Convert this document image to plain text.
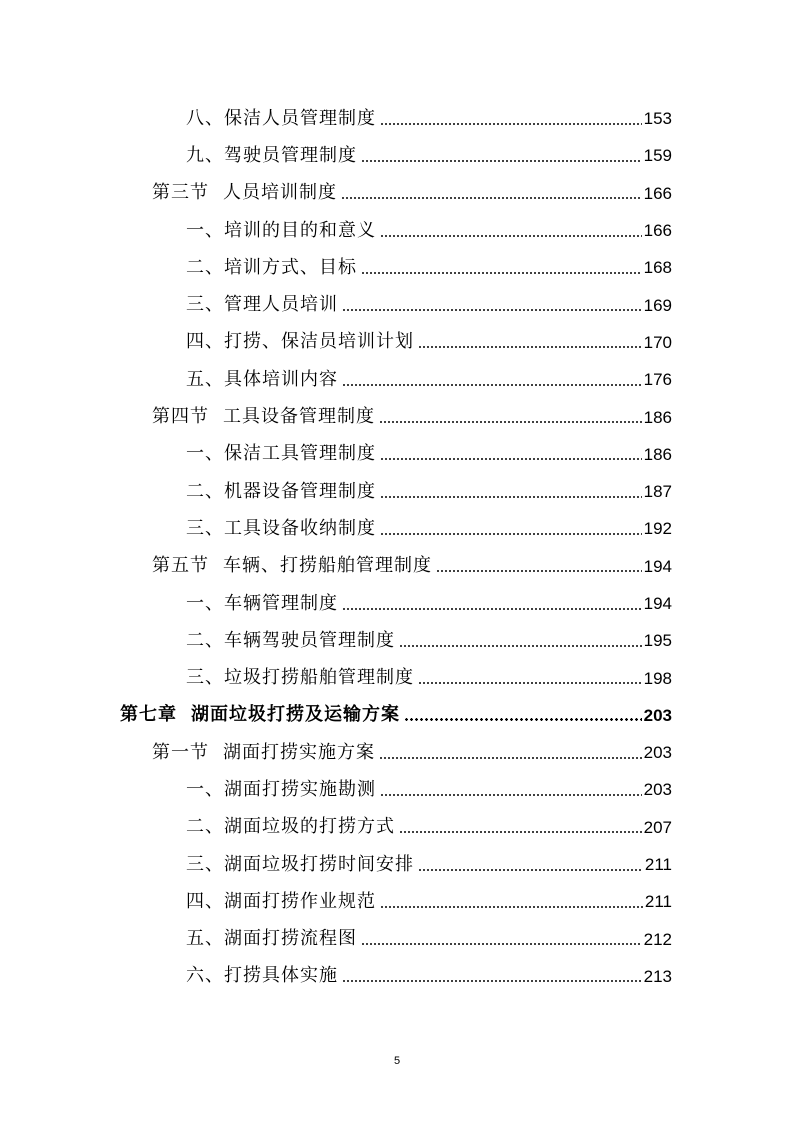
八、 保洁人员管理制度	153
九、 驾驶员管理制度	159
第三节 人员培训制度	166
一、 培训的目的和意义	166
二、 培训方式、目标	168
三、 管理人员培训	169
四、 打捞、保洁员培训计划	170
五、 具体培训内容	176
第四节 工具设备管理制度	186
一、 保洁工具管理制度	186
二、 机器设备管理制度	187
三、 工具设备收纳制度	192
第五节 车辆、打捞船舶管理制度	194
一、 车辆管理制度	194
二、 车辆驾驶员管理制度	195
三、 垃圾打捞船舶管理制度	198
第七章 湖面垃圾打捞及运输方案	203
第一节 湖面打捞实施方案	203
一、 湖面打捞实施勘测	203
二、 湖面垃圾的打捞方式	207
三、 湖面垃圾打捞时间安排	211
四、 湖面打捞作业规范	211
五、 湖面打捞流程图	212
六、 打捞具体实施	213
5
